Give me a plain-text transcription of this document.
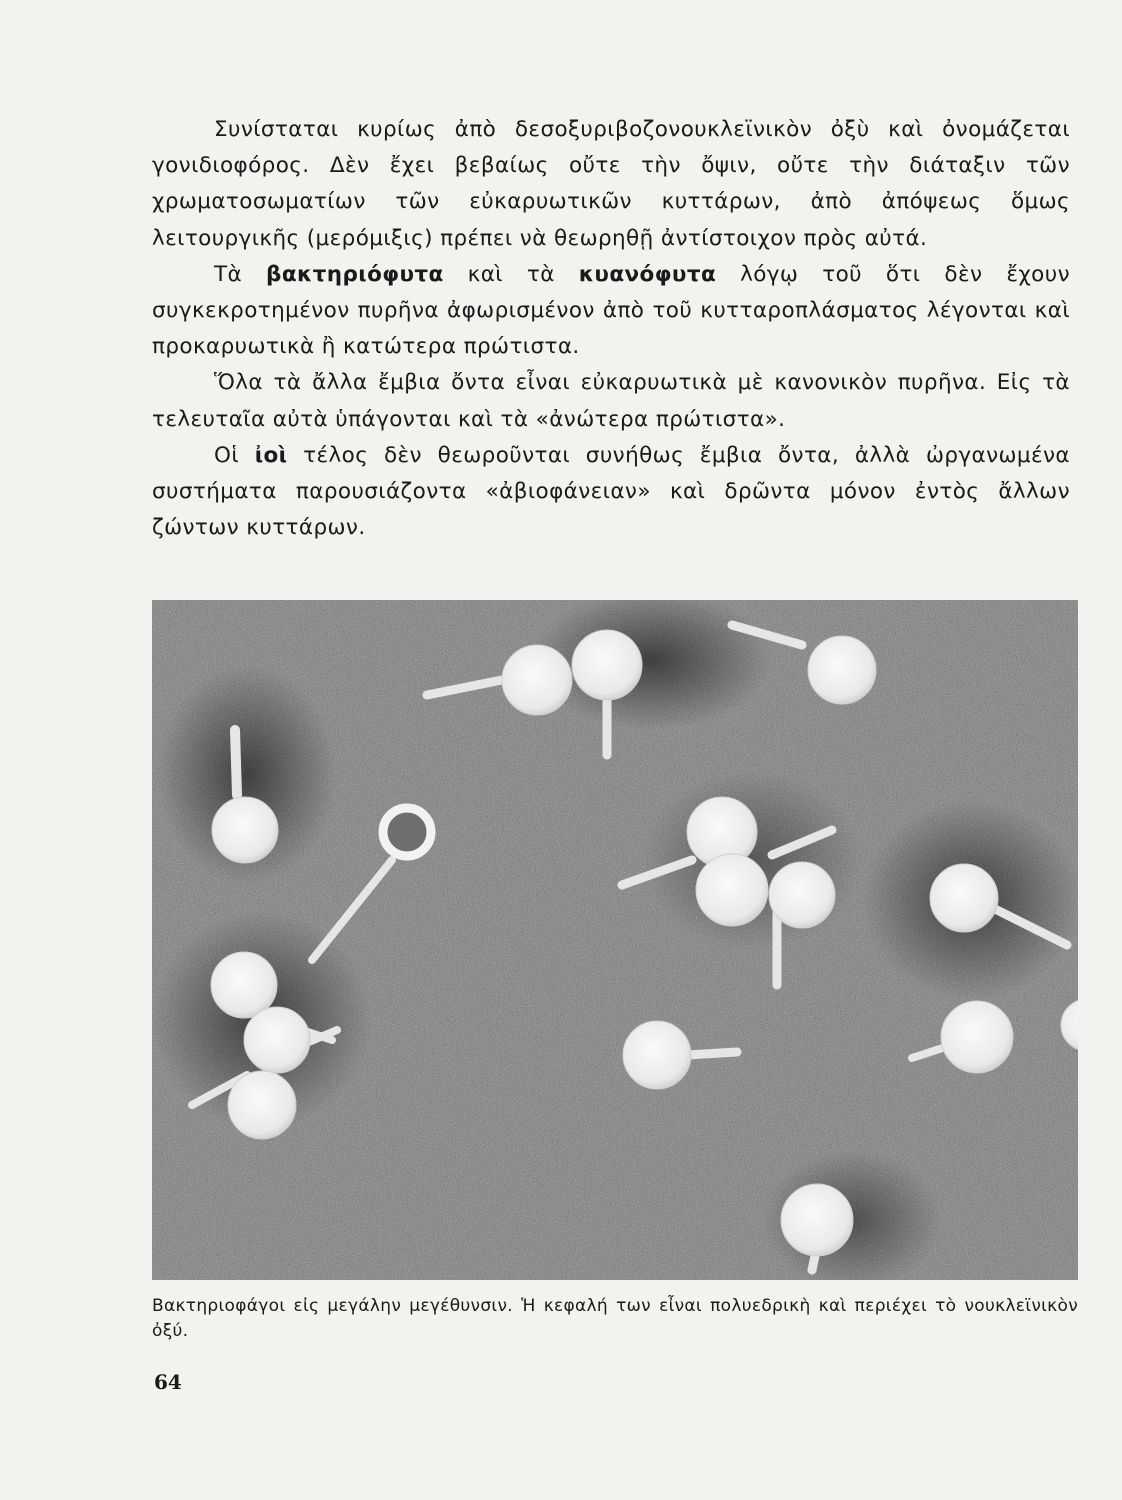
Συνίσταται κυρίως ἀπὸ δεσοξυριβοζονουκλεϊνικὸν ὀξὺ καὶ ὀνομάζεται γονιδιοφόρος. Δὲν ἔχει βεβαίως οὔτε τὴν ὄψιν, οὔτε τὴν διάταξιν τῶν χρωματοσωματίων τῶν εὐκαρυωτικῶν κυττάρων, ἀπὸ ἀπόψεως ὅμως λειτουργικῆς (μερόμιξις) πρέπει νὰ θεωρηθῇ ἀντίστοιχον πρὸς αὐτά.

Τὰ βακτηριόφυτα καὶ τὰ κυανόφυτα λόγῳ τοῦ ὅτι δὲν ἔχουν συγκεκροτημένον πυρῆνα ἀφωρισμένον ἀπὸ τοῦ κυτταροπλάσματος λέγονται καὶ προκαρυωτικὰ ἢ κατώτερα πρώτιστα.

Ὅλα τὰ ἄλλα ἔμβια ὄντα εἶναι εὐκαρυωτικὰ μὲ κανονικὸν πυρῆνα. Εἰς τὰ τελευταῖα αὐτὰ ὑπάγονται καὶ τὰ «ἀνώτερα πρώτιστα».

Οἱ ἰοὶ τέλος δὲν θεωροῦνται συνήθως ἔμβια ὄντα, ἀλλὰ ὠργανωμένα συστήματα παρουσιάζοντα «ἀβιοφάνειαν» καὶ δρῶντα μόνον ἐντὸς ἄλλων ζώντων κυττάρων.

Βακτηριοφάγοι εἰς μεγάλην μεγέθυνσιν. Ἡ κεφαλή των εἶναι πολυεδρικὴ καὶ περιέχει τὸ νουκλεϊνικὸν ὀξύ.
64
